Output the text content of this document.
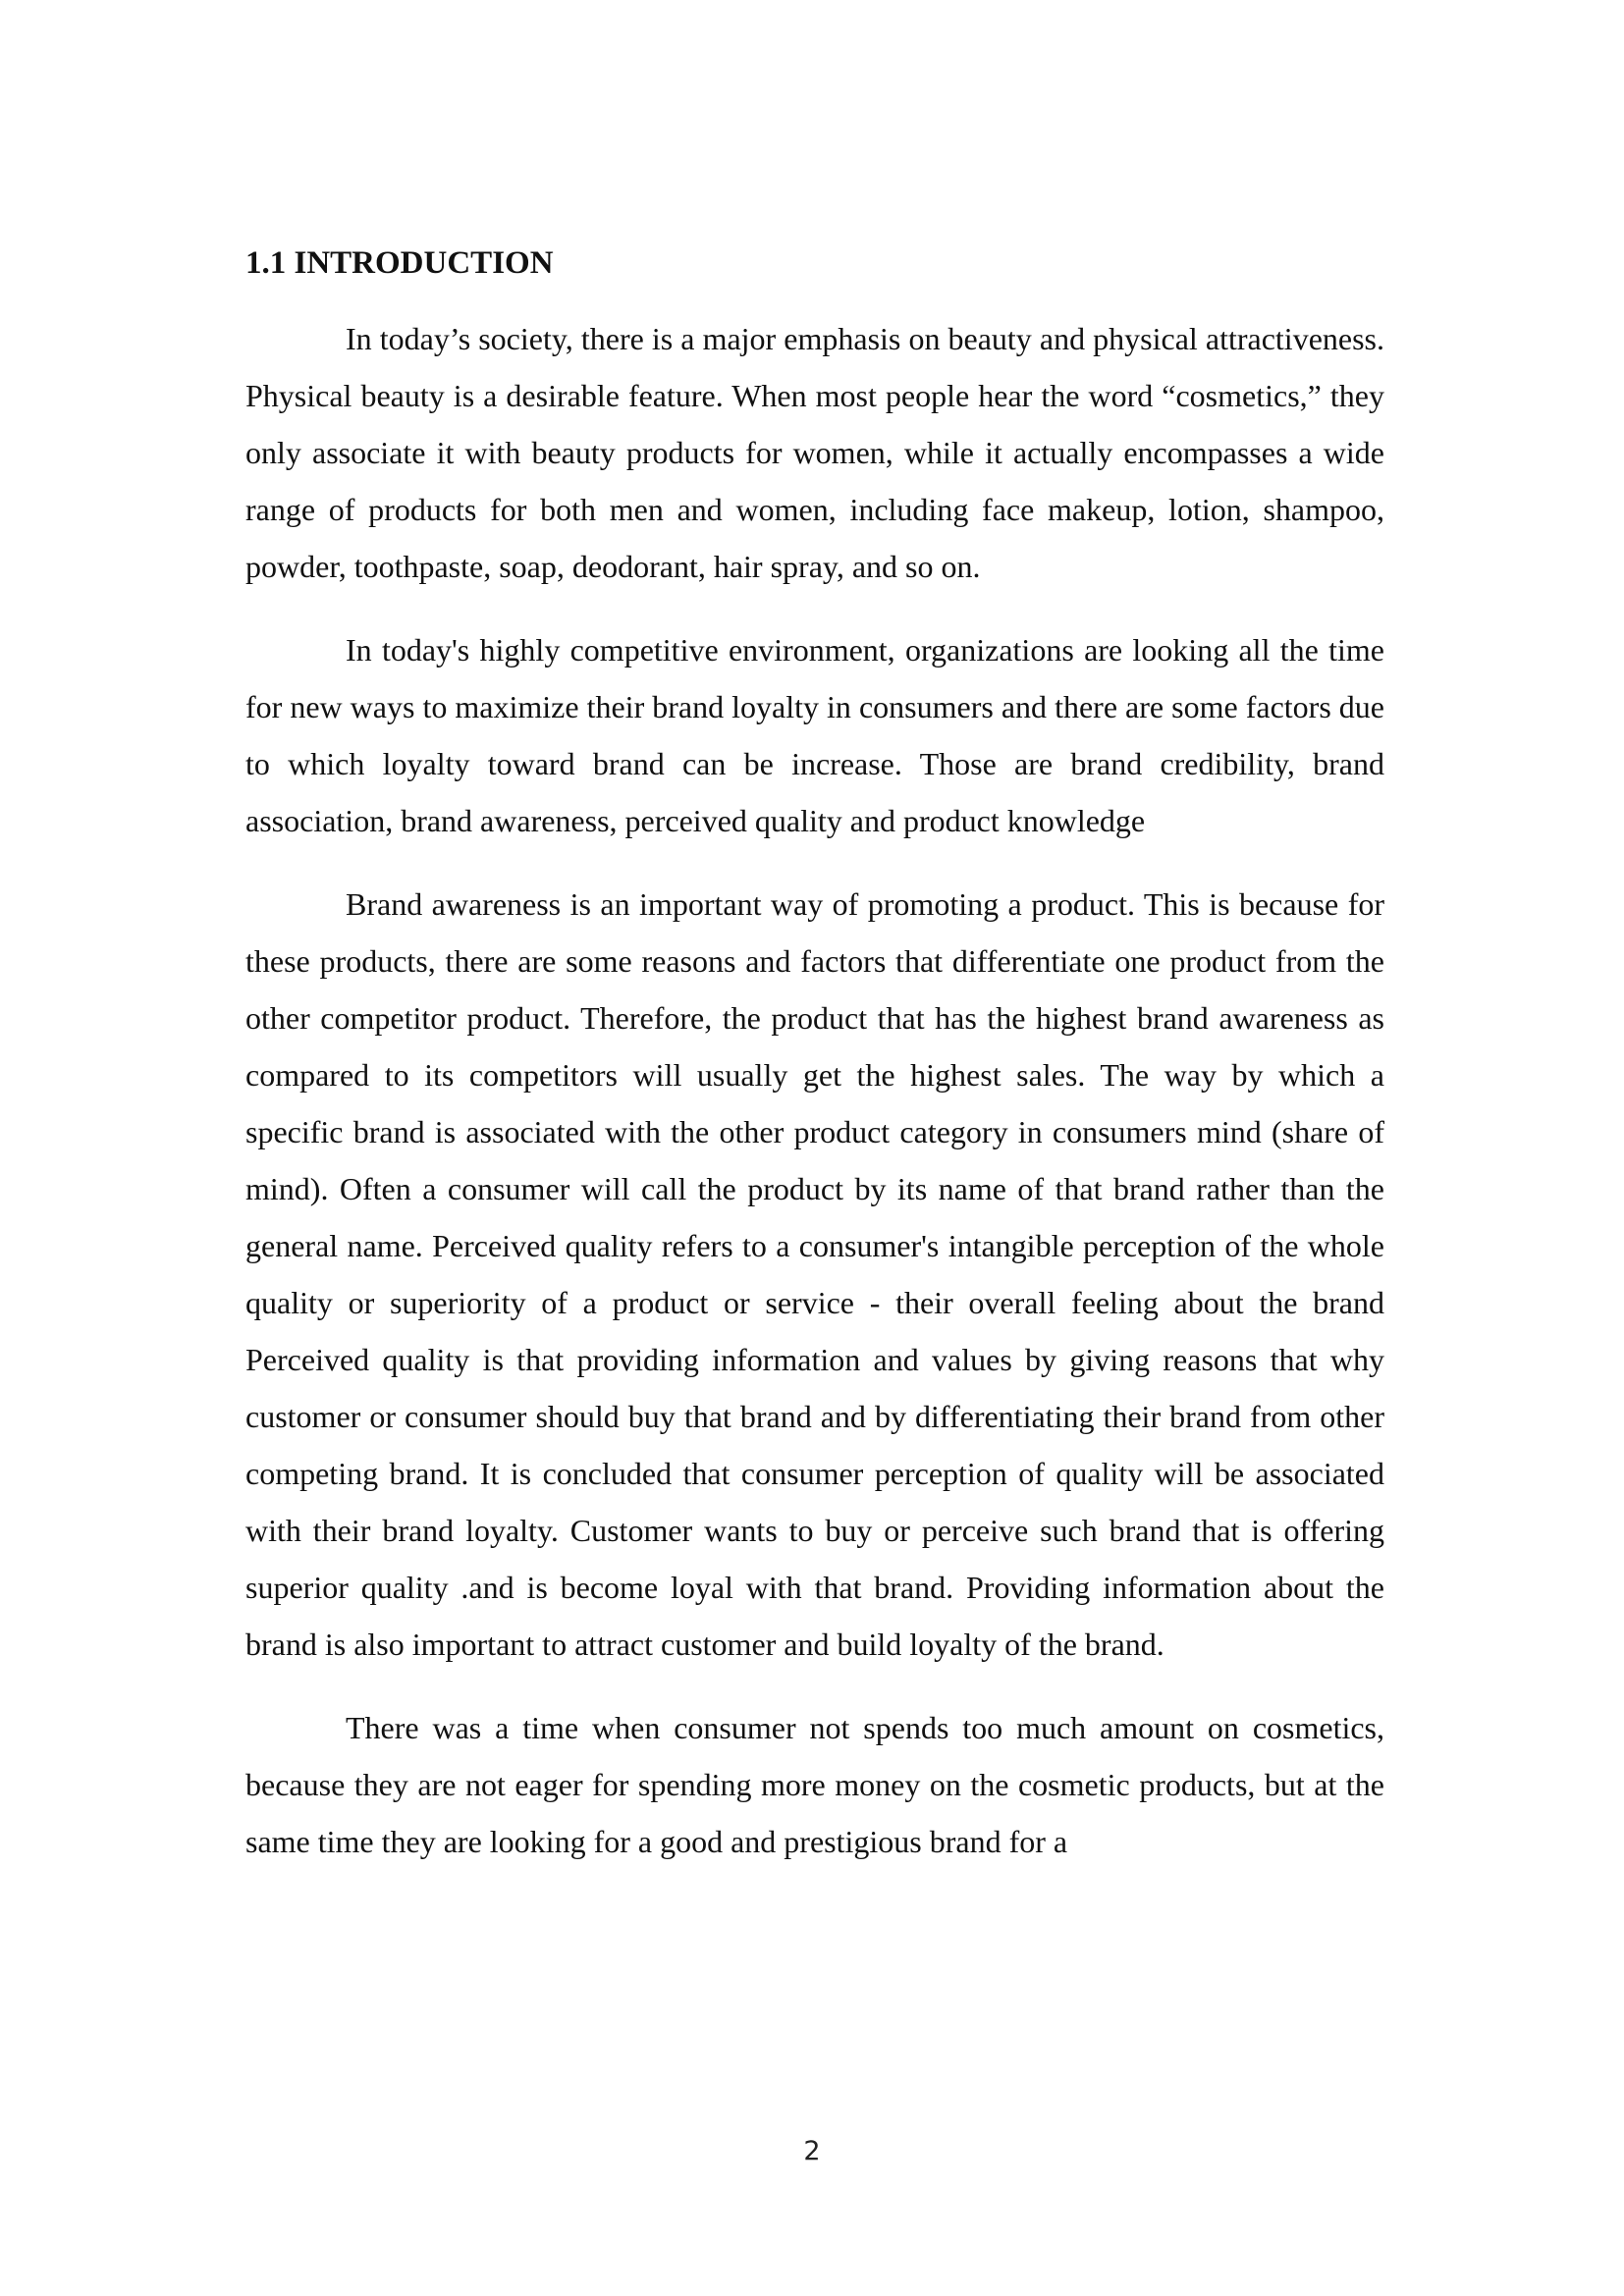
1.1 INTRODUCTION

In today’s society, there is a major emphasis on beauty and physical attractiveness. Physical beauty is a desirable feature. When most people hear the word “cosmetics,” they only associate it with beauty products for women, while it actually encompasses a wide range of products for both men and women, including face makeup, lotion, shampoo, powder, toothpaste, soap, deodorant, hair spray, and so on.

In today's highly competitive environment, organizations are looking all the time for new ways to maximize their brand loyalty in consumers and there are some factors due to which loyalty toward brand can be increase. Those are brand credibility, brand association, brand awareness, perceived quality and product knowledge

Brand awareness is an important way of promoting a product. This is because for these products, there are some reasons and factors that differentiate one product from the other competitor product. Therefore, the product that has the highest brand awareness as compared to its competitors will usually get the highest sales. The way by which a specific brand is associated with the other product category in consumers mind (share of mind). Often a consumer will call the product by its name of that brand rather than the general name. Perceived quality refers to a consumer's intangible perception of the whole quality or superiority of a product or service - their overall feeling about the brand Perceived quality is that providing information and values by giving reasons that why customer or consumer should buy that brand and by differentiating their brand from other competing brand. It is concluded that consumer perception of quality will be associated with their brand loyalty. Customer wants to buy or perceive such brand that is offering superior quality .and is become loyal with that brand. Providing information about the brand is also important to attract customer and build loyalty of the brand.

There was a time when consumer not spends too much amount on cosmetics, because they are not eager for spending more money on the cosmetic products, but at the same time they are looking for a good and prestigious brand for a

2
